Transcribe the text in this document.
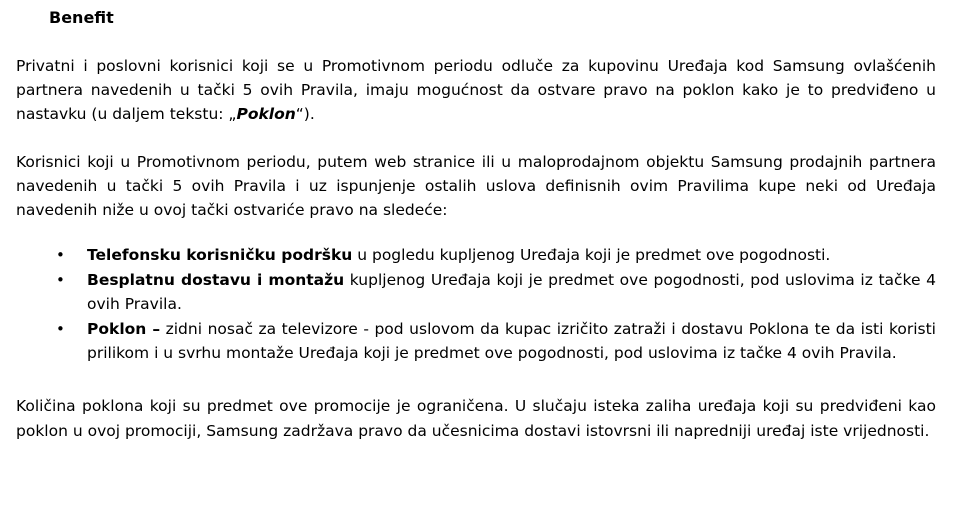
Benefit

Privatni i poslovni korisnici koji se u Promotivnom periodu odluče za kupovinu Uređaja kod Samsung ovlašćenih partnera navedenih u tački 5 ovih Pravila, imaju mogućnost da ostvare pravo na poklon kako je to predviđeno u nastavku (u daljem tekstu: „Poklon“).

Korisnici koji u Promotivnom periodu, putem web stranice ili u maloprodajnom objektu Samsung prodajnih partnera navedenih u tački 5 ovih Pravila i uz ispunjenje ostalih uslova definisnih ovim Pravilima kupe neki od Uređaja navedenih niže u ovoj tački ostvariće pravo na sledeće:

• Telefonsku korisničku podršku u pogledu kupljenog Uređaja koji je predmet ove pogodnosti.
• Besplatnu dostavu i montažu kupljenog Uređaja koji je predmet ove pogodnosti, pod uslovima iz tačke 4 ovih Pravila.
• Poklon – zidni nosač za televizore - pod uslovom da kupac izričito zatraži i dostavu Poklona te da isti koristi prilikom i u svrhu montaže Uređaja koji je predmet ove pogodnosti, pod uslovima iz tačke 4 ovih Pravila.

Količina poklona koji su predmet ove promocije je ograničena. U slučaju isteka zaliha uređaja koji su predviđeni kao poklon u ovoj promociji, Samsung zadržava pravo da učesnicima dostavi istovrsni ili napredniji uređaj iste vrijednosti.
